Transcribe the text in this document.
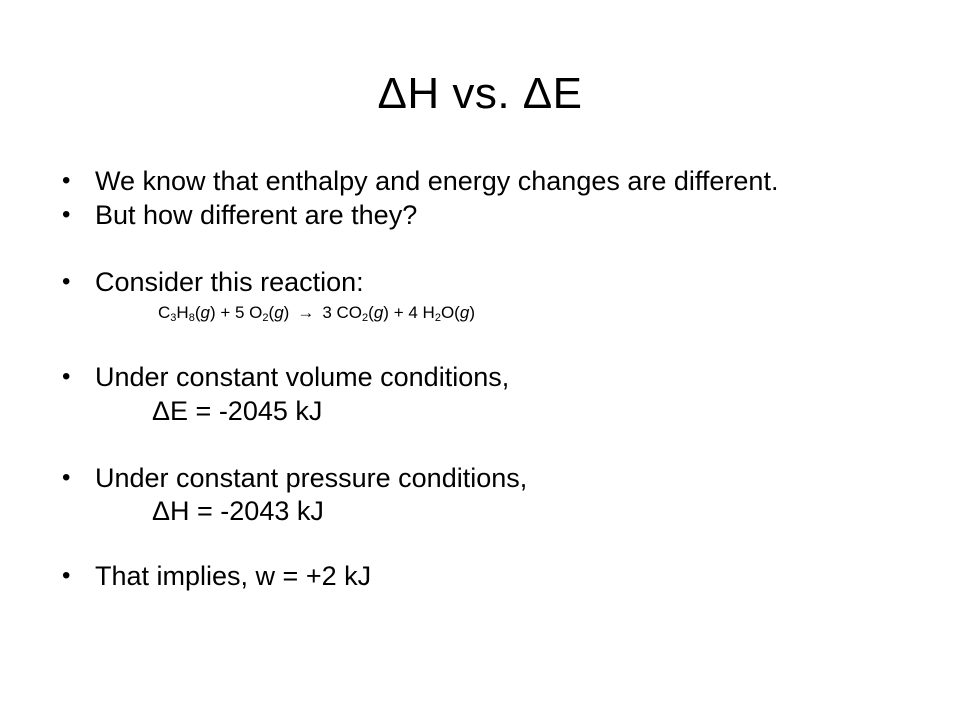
ΔH vs. ΔE
• We know that enthalpy and energy changes are different.
• But how different are they?
• Consider this reaction:
$C_3H_8(g) + 5$ $O_2(g) \to 3$ $CO_2(g) + 4$ $H_2O(g)$
• Under constant volume conditions,
ΔE = -2045 kJ
• Under constant pressure conditions,
ΔH = -2043 kJ
• That implies, w = +2 kJ
